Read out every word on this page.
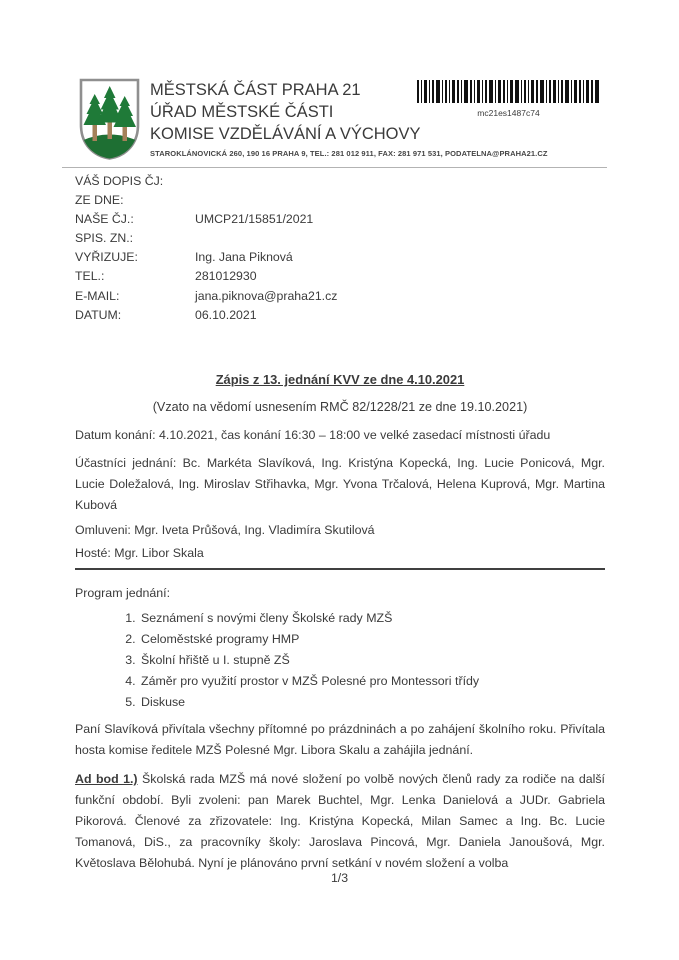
MĚSTSKÁ ČÁST PRAHA 21
ÚŘAD MĚSTSKÉ ČÁSTI
KOMISE VZDĚLÁVÁNÍ A VÝCHOVY
STAROKLÁNOVICKÁ 260, 190 16 PRAHA 9, TEL.: 281 012 911, FAX: 281 971 531, PODATELNA@PRAHA21.CZ
mc21es1487c74
VÁŠ DOPIS ČJ:
ZE DNE:
NAŠE ČJ.:	UMCP21/15851/2021
SPIS. ZN.:
VYŘIZUJE:	Ing. Jana Piknová
TEL.:	281012930
E-MAIL:	jana.piknova@praha21.cz
DATUM:	06.10.2021
Zápis z 13. jednání KVV ze dne 4.10.2021
(Vzato na vědomí usnesením RMČ 82/1228/21 ze dne 19.10.2021)
Datum konání: 4.10.2021, čas konání 16:30 – 18:00 ve velké zasedací místnosti úřadu
Účastníci jednání: Bc. Markéta Slavíková, Ing. Kristýna Kopecká, Ing. Lucie Ponicová, Mgr. Lucie Doležalová, Ing. Miroslav Střihavka, Mgr. Yvona Trčalová, Helena Kuprová, Mgr. Martina Kubová
Omluveni: Mgr. Iveta Průšová, Ing. Vladimíra Skutilová
Hosté: Mgr. Libor Skala
Program jednání:
1. Seznámení s novými členy Školské rady MZŠ
2. Celoměstské programy HMP
3. Školní hřiště u I. stupně ZŠ
4. Záměr pro využití prostor v MZŠ Polesné pro Montessori třídy
5. Diskuse
Paní Slavíková přivítala všechny přítomné po prázdninách a po zahájení školního roku. Přivítala hosta komise ředitele MZŠ Polesné Mgr. Libora Skalu a zahájila jednání.
Ad bod 1.) Školská rada MZŠ má nové složení po volbě nových členů rady za rodiče na další funkční období. Byli zvoleni: pan Marek Buchtel, Mgr. Lenka Danielová a JUDr. Gabriela Pikorová. Členové za zřizovatele: Ing. Kristýna Kopecká, Milan Samec a Ing. Bc. Lucie Tomanová, DiS., za pracovníky školy: Jaroslava Pincová, Mgr. Daniela Janoušová, Mgr. Květoslava Bělohubá. Nyní je plánováno první setkání v novém složení a volba
1/3
